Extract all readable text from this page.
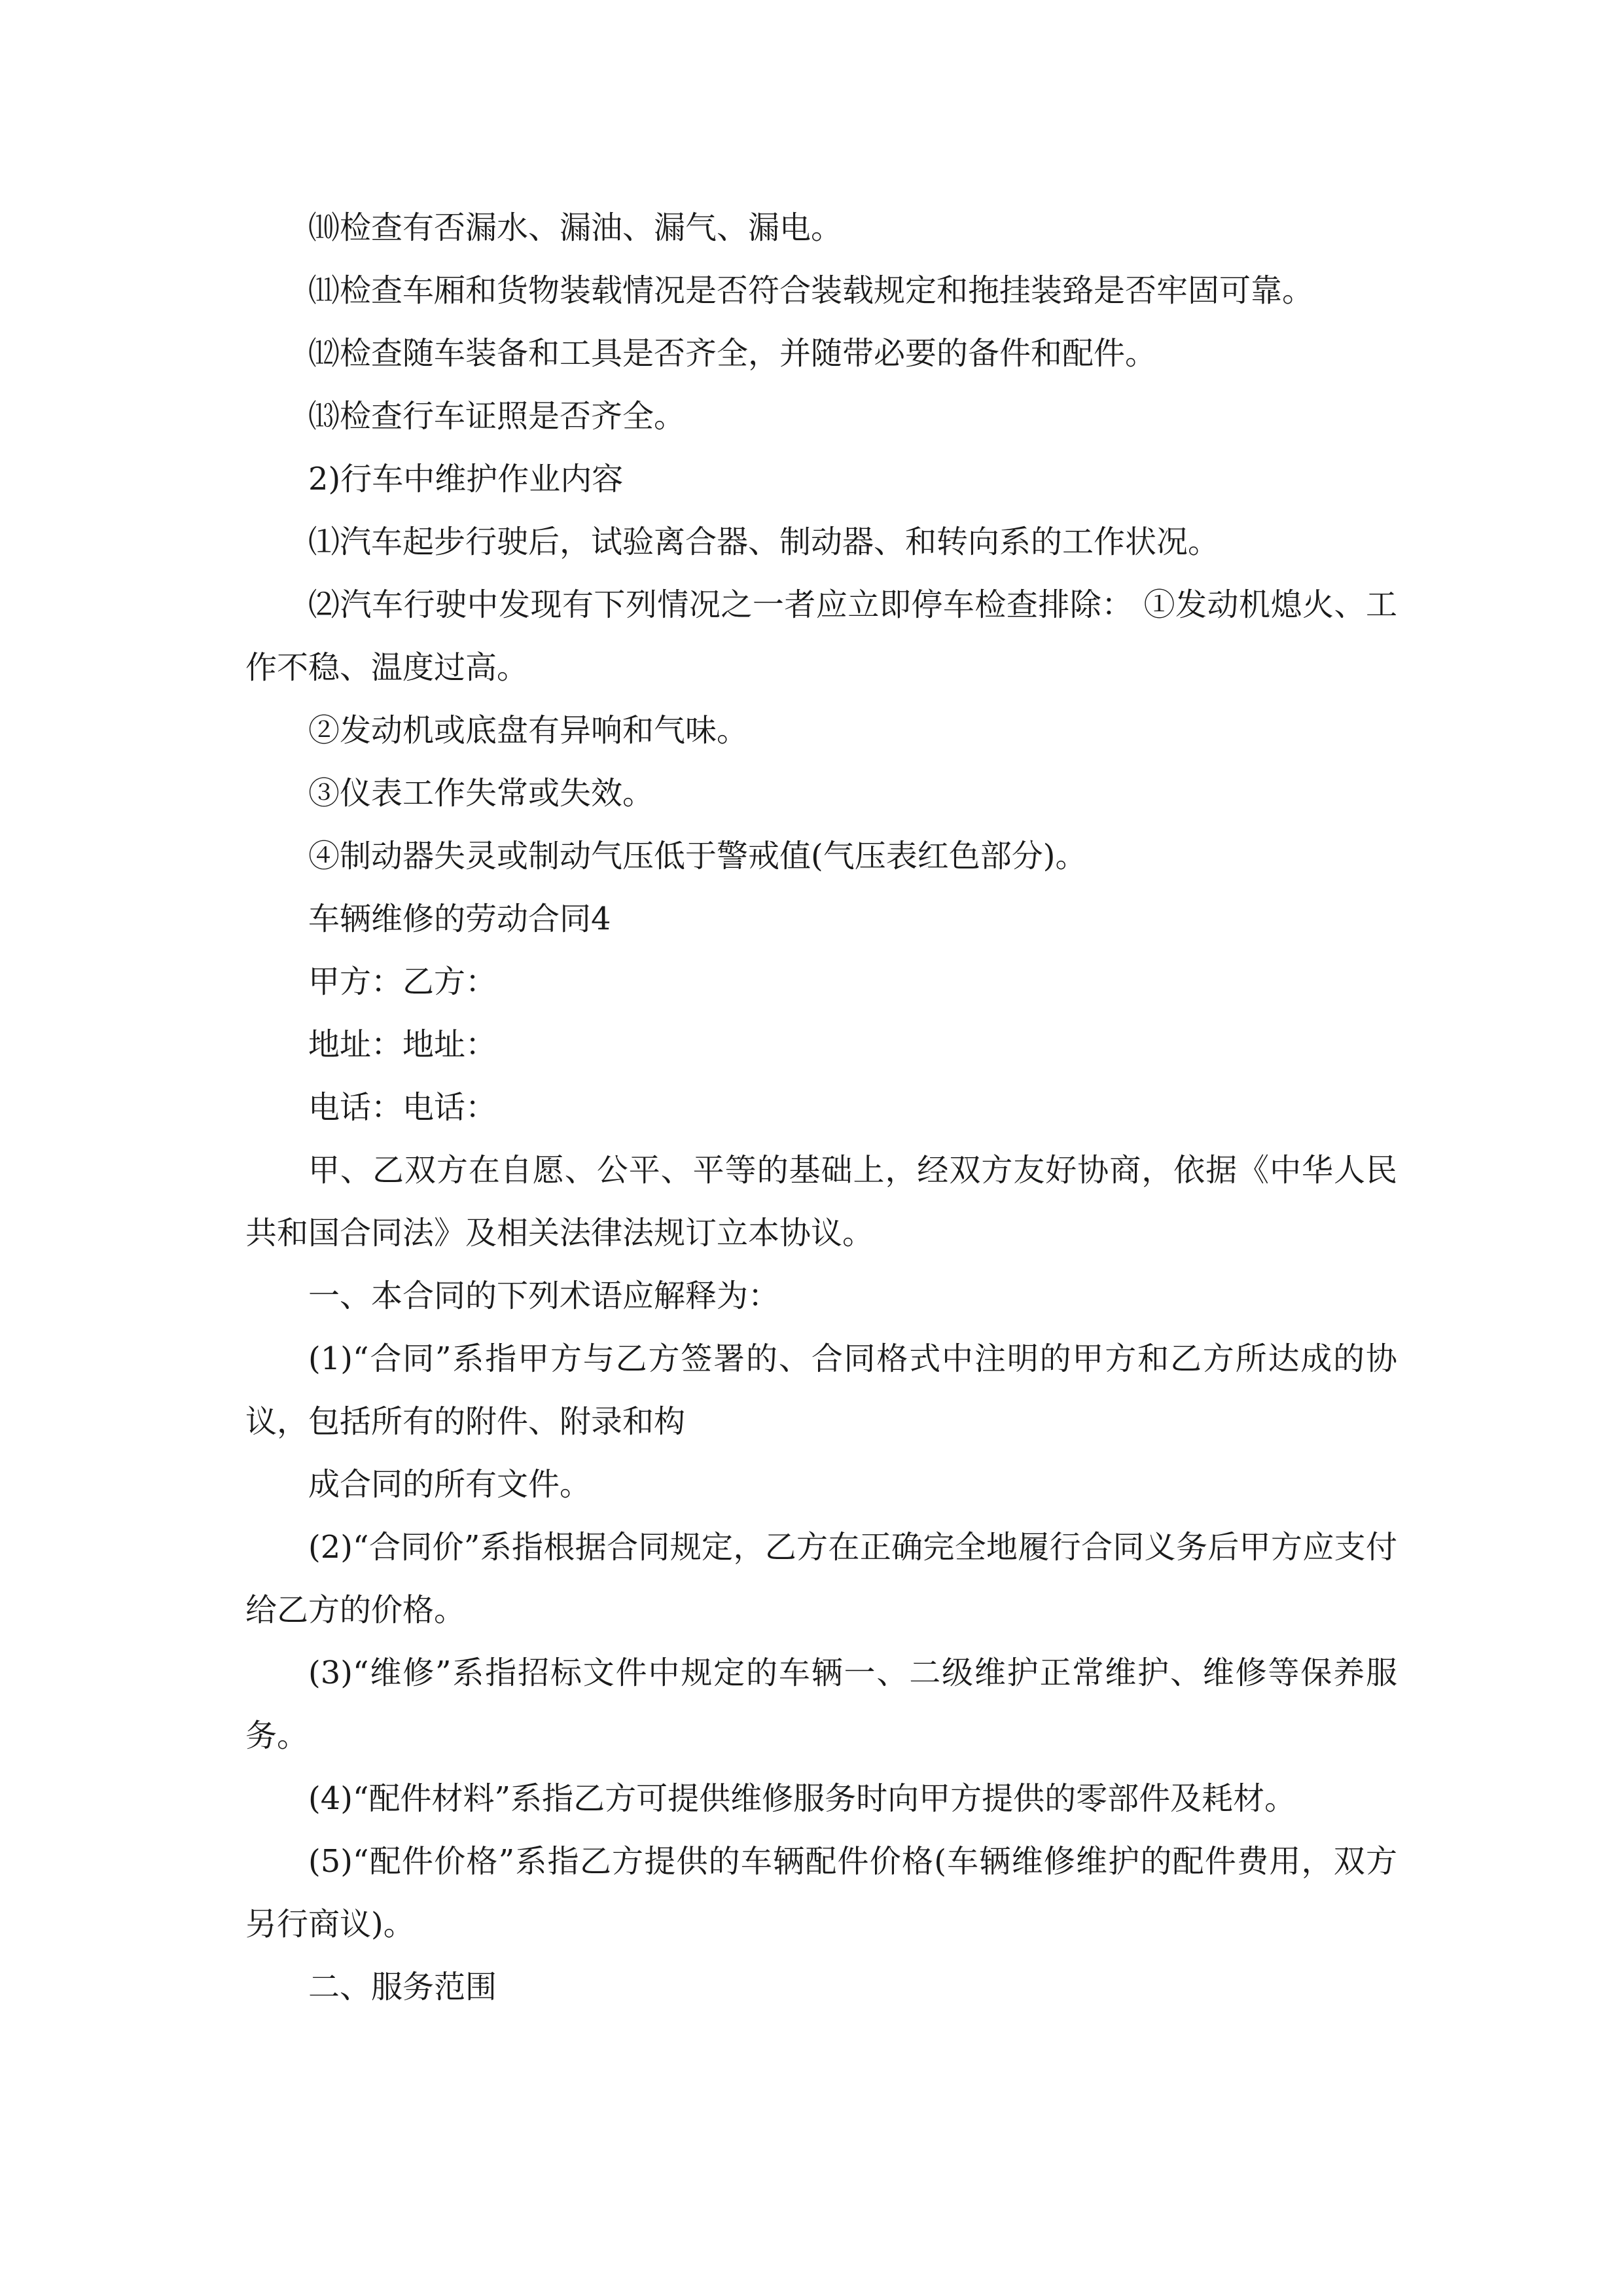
⑽检查有否漏水、漏油、漏气、漏电。

⑾检查车厢和货物装载情况是否符合装载规定和拖挂装臵是否牢固可靠。

⑿检查随车装备和工具是否齐全，并随带必要的备件和配件。

⒀检查行车证照是否齐全。

2)行车中维护作业内容

⑴汽车起步行驶后，试验离合器、制动器、和转向系的工作状况。

⑵汽车行驶中发现有下列情况之一者应立即停车检查排除： ①发动机熄火、工作不稳、温度过高。

②发动机或底盘有异响和气味。

③仪表工作失常或失效。

④制动器失灵或制动气压低于警戒值(气压表红色部分)。

车辆维修的劳动合同4

甲方：乙方：

地址：地址：

电话：电话：

甲、乙双方在自愿、公平、平等的基础上，经双方友好协商，依据《中华人民共和国合同法》及相关法律法规订立本协议。

一、本合同的下列术语应解释为：

(1)“合同”系指甲方与乙方签署的、合同格式中注明的甲方和乙方所达成的协议，包括所有的附件、附录和构

成合同的所有文件。

(2)“合同价”系指根据合同规定，乙方在正确完全地履行合同义务后甲方应支付给乙方的价格。

(3)“维修”系指招标文件中规定的车辆一、二级维护正常维护、维修等保养服务。

(4)“配件材料”系指乙方可提供维修服务时向甲方提供的零部件及耗材。

(5)“配件价格”系指乙方提供的车辆配件价格(车辆维修维护的配件费用，双方另行商议)。

二、服务范围
